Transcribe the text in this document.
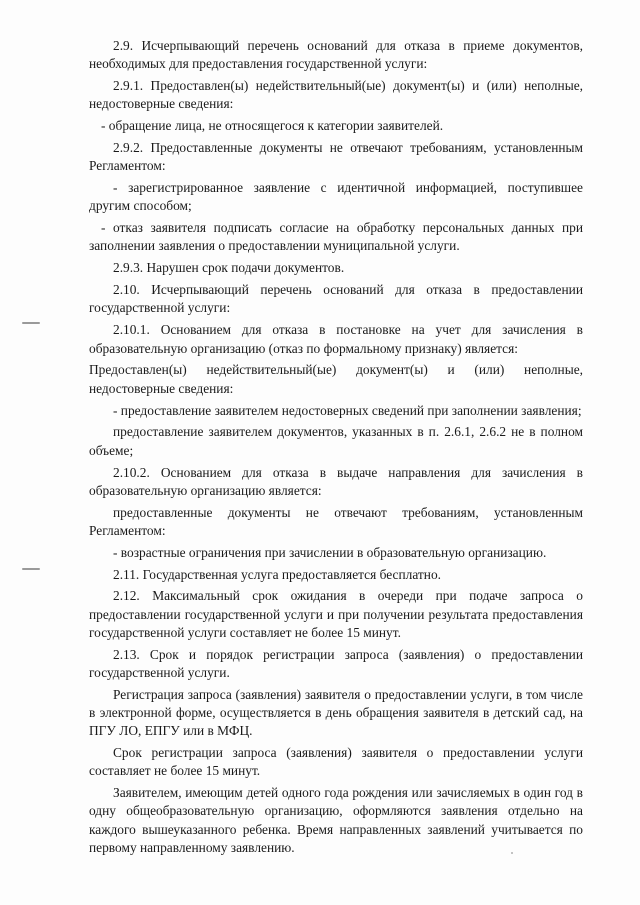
2.9. Исчерпывающий перечень оснований для отказа в приеме документов, необходимых для предоставления государственной услуги:

2.9.1. Предоставлен(ы) недействительный(ые) документ(ы) и (или) неполные, недостоверные сведения:

- обращение лица, не относящегося к категории заявителей.

2.9.2. Предоставленные документы не отвечают требованиям, установленным Регламентом:

- зарегистрированное заявление с идентичной информацией, поступившее другим способом;

- отказ заявителя подписать согласие на обработку персональных данных при заполнении заявления о предоставлении муниципальной услуги.

2.9.3. Нарушен срок подачи документов.

2.10. Исчерпывающий перечень оснований для отказа в предоставлении государственной услуги:

2.10.1. Основанием для отказа в постановке на учет для зачисления в образовательную организацию (отказ по формальному признаку) является:

Предоставлен(ы) недействительный(ые) документ(ы) и (или) неполные, недостоверные сведения:

- предоставление заявителем недостоверных сведений при заполнении заявления;

предоставление заявителем документов, указанных в п. 2.6.1, 2.6.2 не в полном объеме;

2.10.2. Основанием для отказа в выдаче направления для зачисления в образовательную организацию является:

предоставленные документы не отвечают требованиям, установленным Регламентом:

- возрастные ограничения при зачислении в образовательную организацию.

2.11. Государственная услуга предоставляется бесплатно.

2.12. Максимальный срок ожидания в очереди при подаче запроса о предоставлении государственной услуги и при получении результата предоставления государственной услуги составляет не более 15 минут.

2.13. Срок и порядок регистрации запроса (заявления) о предоставлении государственной услуги.

Регистрация запроса (заявления) заявителя о предоставлении услуги, в том числе в электронной форме, осуществляется в день обращения заявителя в детский сад, на ПГУ ЛО, ЕПГУ или в МФЦ.

Срок регистрации запроса (заявления) заявителя о предоставлении услуги составляет не более 15 минут.

Заявителем, имеющим детей одного года рождения или зачисляемых в один год в одну общеобразовательную организацию, оформляются заявления отдельно на каждого вышеуказанного ребенка. Время направленных заявлений учитывается по первому направленному заявлению.
